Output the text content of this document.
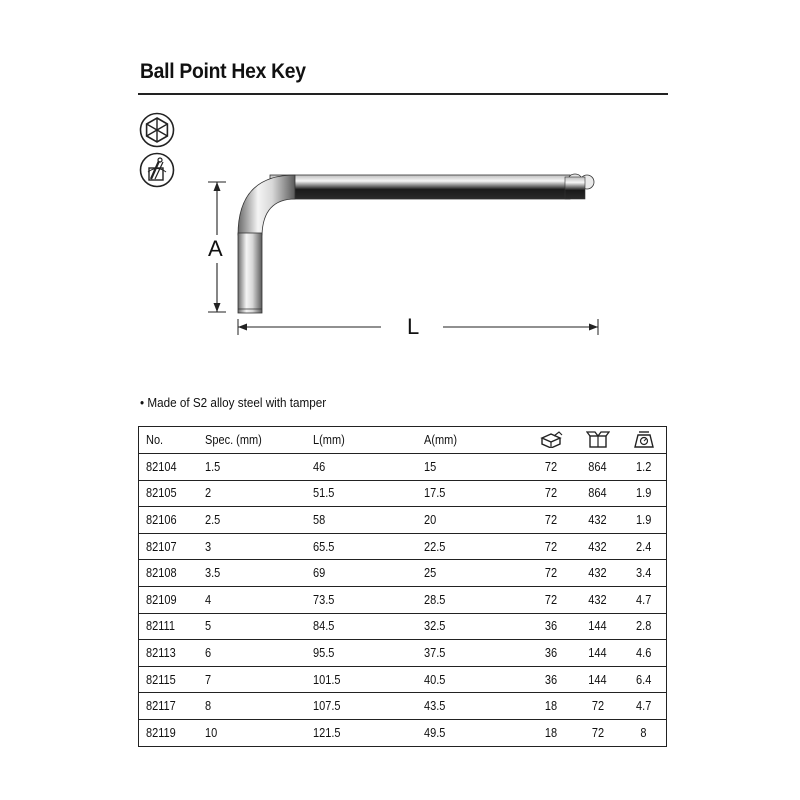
Ball Point Hex Key
A
L
• Made of S2 alloy steel with tamper
No.	Spec. (mm)	L(mm)	A(mm)			
82104	1.5	46	15	72	864	1.2
82105	2	51.5	17.5	72	864	1.9
82106	2.5	58	20	72	432	1.9
82107	3	65.5	22.5	72	432	2.4
82108	3.5	69	25	72	432	3.4
82109	4	73.5	28.5	72	432	4.7
82111	5	84.5	32.5	36	144	2.8
82113	6	95.5	37.5	36	144	4.6
82115	7	101.5	40.5	36	144	6.4
82117	8	107.5	43.5	18	72	4.7
82119	10	121.5	49.5	18	72	8
